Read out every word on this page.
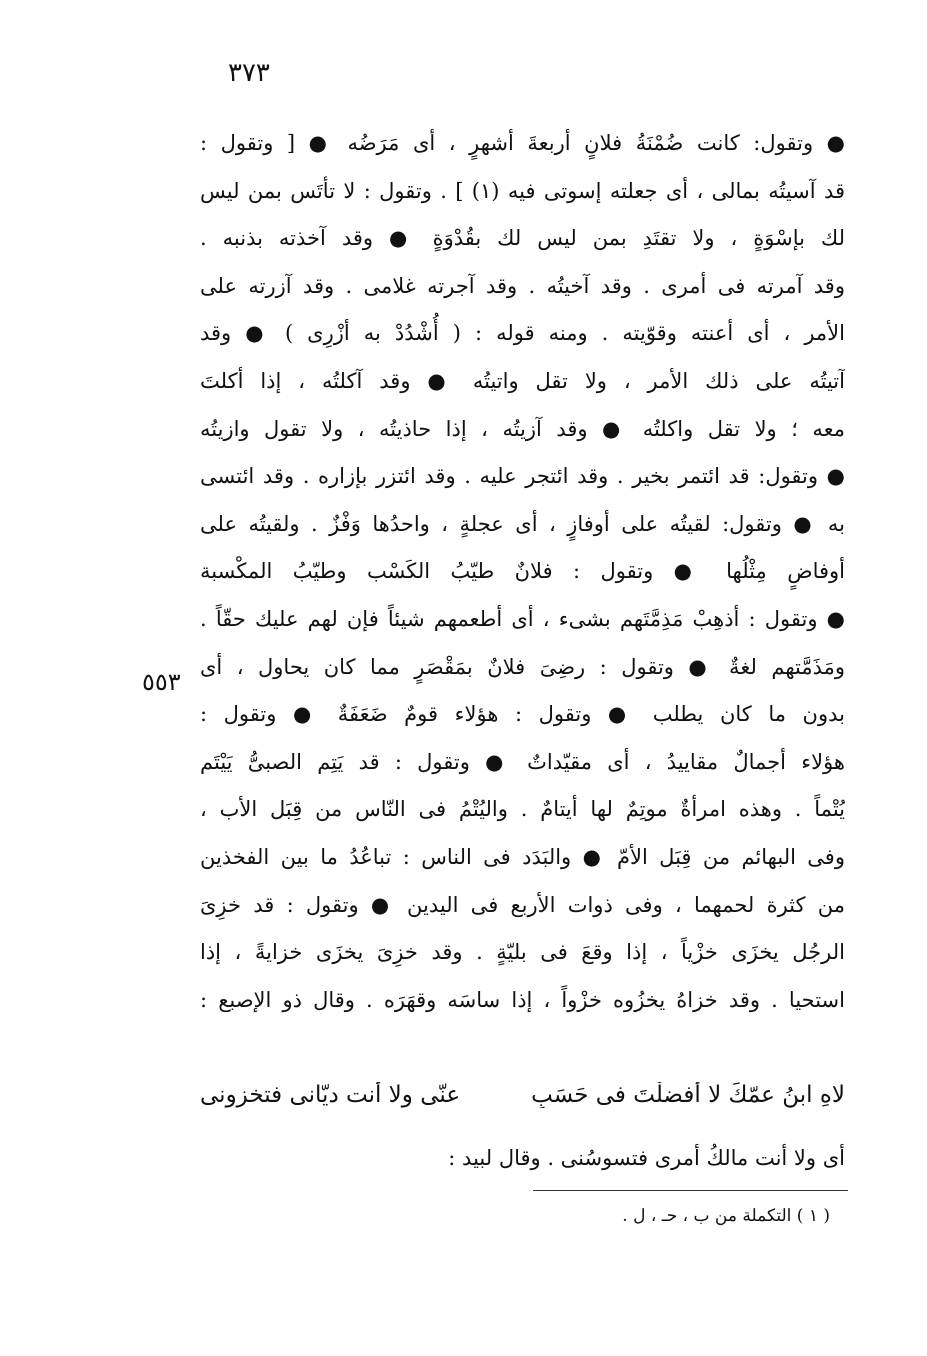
٣٧٣
٥٥٣
● وتقول: كانت ضُمْنَةُ فلانٍ أربعةَ أشهرٍ ، أى مَرَضُه ● [ وتقول :
قد آسيتُه بمالى ، أى جعلته إسوتى فيه (١) ] . وتقول : لا تأتَس بمن ليس
لك بإسْوَةٍ ، ولا تقتَدِ بمن ليس لك بقُدْوَةٍ ● وقد آخذته بذنبه .
وقد آمرته فى أمرى . وقد آخيتُه . وقد آجرته غلامى . وقد آزرته على
الأمر ، أى أعنته وقوّيته . ومنه قوله : ( أُشْدُدْ به أزْرِى ) ● وقد
آتيتُه على ذلك الأمر ، ولا تقل واتيتُه ● وقد آكلتُه ، إذا أكلتَ
معه ؛ ولا تقل واكلتُه ● وقد آزيتُه ، إذا حاذيتُه ، ولا تقول وازيتُه
● وتقول: قد ائتمر بخير . وقد ائتجر عليه . وقد ائتزر بإزاره . وقد ائتسى
به ● وتقول: لقيتُه على أوفازٍ ، أى عجلةٍ ، واحدُها وَفْزٌ . ولقيتُه على
أوفاضٍ مِثْلُها ● وتقول : فلانٌ طيّبُ الكَسْب وطيّبُ المكْسبة
● وتقول : أذهِبْ مَذِمَّتَهم بشىء ، أى أطعمهم شيئاً فإن لهم عليك حقّاً .
ومَذَمَّتهم لغةٌ ● وتقول : رضِىَ فلانٌ بمَقْصَرٍ مما كان يحاول ، أى
بدون ما كان يطلب ● وتقول : هؤلاء قومٌ ضَعَفَةٌ ● وتقول :
هؤلاء أجمالٌ مقاييدُ ، أى مقيّداتٌ ● وتقول : قد يَتِم الصبىُّ يَيْتَم
يُتْماً . وهذه امرأةٌ موتِمٌ لها أيتامٌ . واليُتْمُ فى النّاس من قِبَل الأب ،
وفى البهائم من قِبَل الأمّ ● والبَدَد فى الناس : تباعُدُ ما بين الفخذين
من كثرة لحمهما ، وفى ذوات الأربع فى اليدين ● وتقول : قد خزِىَ
الرجُل يخزَى خزْياً ، إذا وقعَ فى بليّةٍ . وقد خزِىَ يخزَى خزايةً ، إذا
استحيا . وقد خزاهُ يخزُوه خزْواً ، إذا ساسَه وقهَرَه . وقال ذو الإصبع :
لاهِ ابنُ عمّكَ لا أفضلْتَ فى حَسَبٍ
عنّى ولا أنت ديّانى فتخزونى
أى ولا أنت مالكُ أمرى فتسوسُنى . وقال لبيد :
( ١ ) التكملة من ب ، حـ ، ل .
